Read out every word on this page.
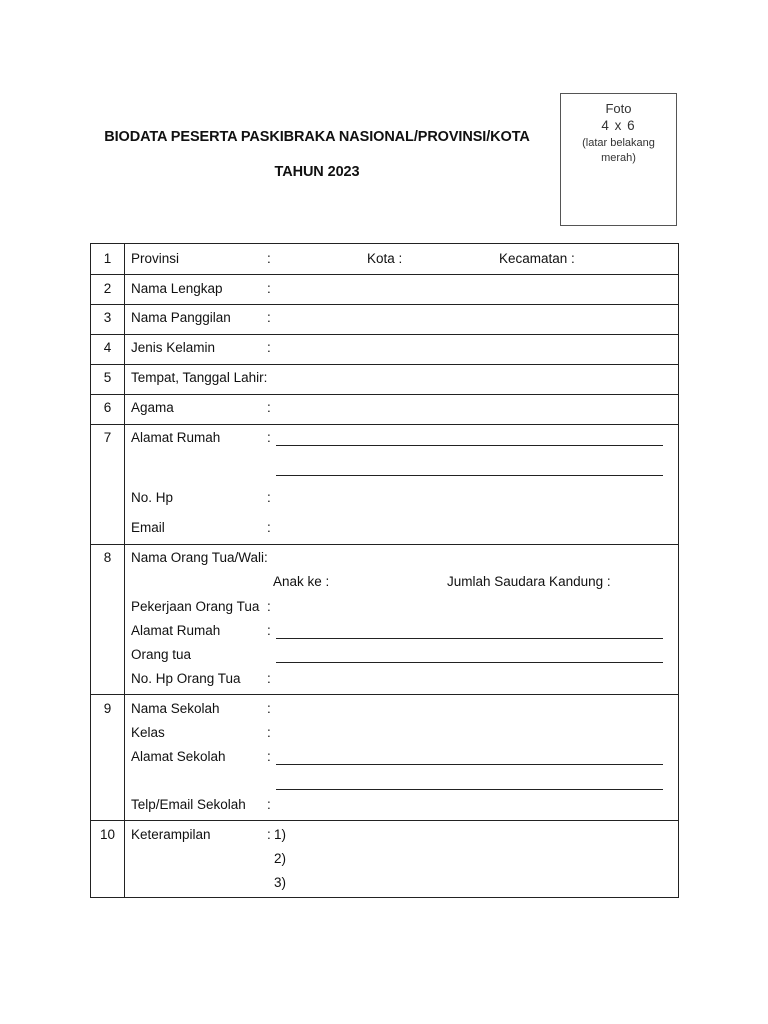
BIODATA PESERTA PASKIBRAKA NASIONAL/PROVINSI/KOTA
TAHUN 2023
Foto
4 x 6
(latar belakang
merah)
1	Provinsi	:	Kota :	Kecamatan :
2	Nama Lengkap	:
3	Nama Panggilan	:
4	Jenis Kelamin	:
5	Tempat, Tanggal Lahir:
6	Agama	:
7	Alamat Rumah	:
No. Hp	:
Email	:
8	Nama Orang Tua/Wali:
Anak ke :	Jumlah Saudara Kandung :
Pekerjaan Orang Tua :
Alamat Rumah	:
Orang tua
No. Hp Orang Tua :
9	Nama Sekolah	:
Kelas	:
Alamat Sekolah	:
Telp/Email Sekolah :
10	Keterampilan	: 1)
2)
3)
